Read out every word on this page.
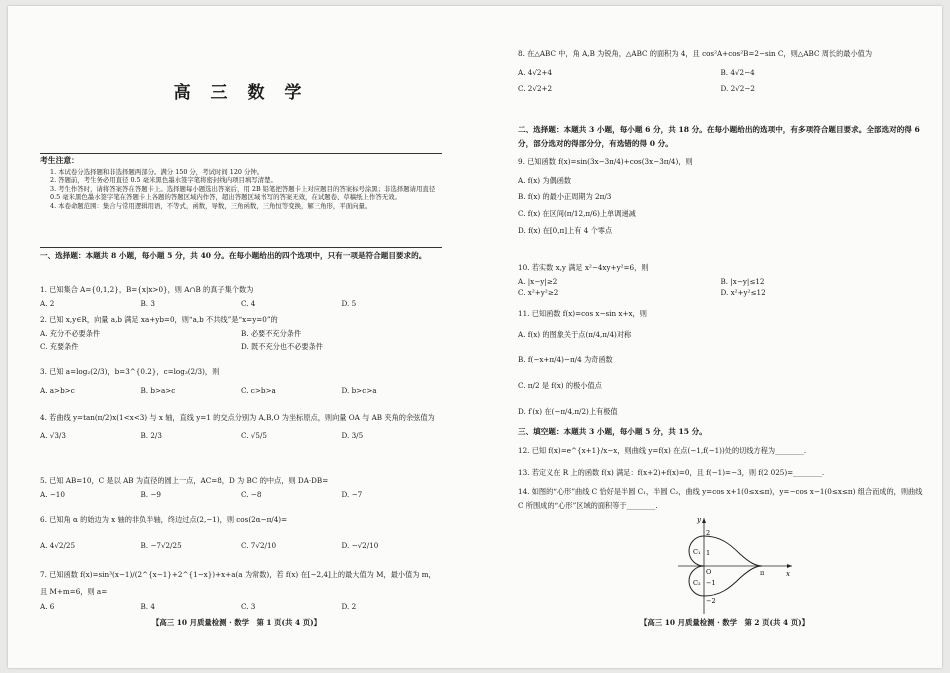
高 三 数 学
考生注意：
1. 本试卷分选择题和非选择题两部分。满分 150 分，考试时间 120 分钟。
2. 答题前，考生务必用直径 0.5 毫米黑色墨水签字笔将密封线内项目填写清楚。
3. 考生作答时，请将答案答在答题卡上。选择题每小题选出答案后，用 2B 铅笔把答题卡上对应题目的答案标号涂黑；非选择题请用直径 0.5 毫米黑色墨水签字笔在答题卡上各题的答题区域内作答，超出答题区域书写的答案无效，在试题卷、草稿纸上作答无效。
4. 本卷命题范围：集合与常用逻辑用语，不等式，函数，导数，三角函数，三角恒等变换，解三角形，平面向量。
一、选择题：本题共 8 小题，每小题 5 分，共 40 分。在每小题给出的四个选项中，只有一项是符合题目要求的。
1. 已知集合 A={0,1,2}，B={x|x>0}，则 A∩B 的真子集个数为
A. 2	B. 3	C. 4	D. 5
2. 已知 x,y∈R，向量 a,b 满足 xa+yb=0，则“a,b 不共线”是“x=y=0”的
A. 充分不必要条件	B. 必要不充分条件
C. 充要条件	D. 既不充分也不必要条件
3. 已知 a=log₂(2/3)，b=3^{0.2}，c=log₃(2/3)，则
A. a>b>c	B. b>a>c	C. c>b>a	D. b>c>a
4. 若曲线 y=tan(π/2)x(1<x<3) 与 x 轴，直线 y=1 的交点分别为 A,B,O 为坐标原点，则向量 OA 与 AB 夹角的余弦值为
A. √3/3	B. 2/3	C. √5/5	D. 3/5
5. 已知 AB=10，C 是以 AB 为直径的圆上一点，AC=8，D 为 BC 的中点，则 DA·DB=
A. −10	B. −9	C. −8	D. −7
6. 已知角 α 的始边为 x 轴的非负半轴，终边过点(2,−1)，则 cos(2α−π/4)=
A. 4√2/25	B. −7√2/25	C. 7√2/10	D. −√2/10
7. 已知函数 f(x)=sin³(x−1)/(2^{x−1}+2^{1−x})+x+a(a 为常数)，若 f(x) 在[−2,4]上的最大值为 M，最小值为 m，且 M+m=6，则 a=
A. 6	B. 4	C. 3	D. 2
【高三 10 月质量检测 · 数学　第 1 页(共 4 页)】
8. 在△ABC 中，角 A,B 为锐角，△ABC 的面积为 4，且 cos²A+cos²B=2−sin C，则△ABC 周长的最小值为
A. 4√2+4	B. 4√2−4
C. 2√2+2	D. 2√2−2
二、选择题：本题共 3 小题，每小题 6 分，共 18 分。在每小题给出的选项中，有多项符合题目要求。全部选对的得 6 分，部分选对的得部分分，有选错的得 0 分。
9. 已知函数 f(x)=sin(3x−3π/4)+cos(3x−3π/4)，则
A. f(x) 为偶函数
B. f(x) 的最小正周期为 2π/3
C. f(x) 在区间(π/12,π/6)上单调递减
D. f(x) 在[0,π]上有 4 个零点
10. 若实数 x,y 满足 x²−4xy+y²=6，则
A. |x−y|≥2	B. |x−y|≤12
C. x²+y²≥2	D. x²+y²≤12
11. 已知函数 f(x)=cos x−sin x+x，则
A. f(x) 的图象关于点(π/4,π/4)对称
B. f(−x+π/4)−π/4 为奇函数
C. π/2 是 f(x) 的极小值点
D. f′(x) 在(−π/4,π/2)上有极值
三、填空题：本题共 3 小题，每小题 5 分，共 15 分。
12. 已知 f(x)=e^{x+1}/x−x，则曲线 y=f(x) 在点(−1,f(−1))处的切线方程为________.
13. 若定义在 R 上的函数 f(x) 满足：f(x+2)+f(x)=0，且 f(−1)=−3，则 f(2 025)=________.
14. 如图的“心形”曲线 C 恰好是半圆 C₁，半圆 C₂，曲线 y=cos x+1(0≤x≤π)，y=−cos x−1(0≤x≤π) 组合而成的，则曲线 C 所围成的“心形”区域的面积等于________.
y
x
O	π
2
1
−1
−2
C₁
C₂
【高三 10 月质量检测 · 数学　第 2 页(共 4 页)】
